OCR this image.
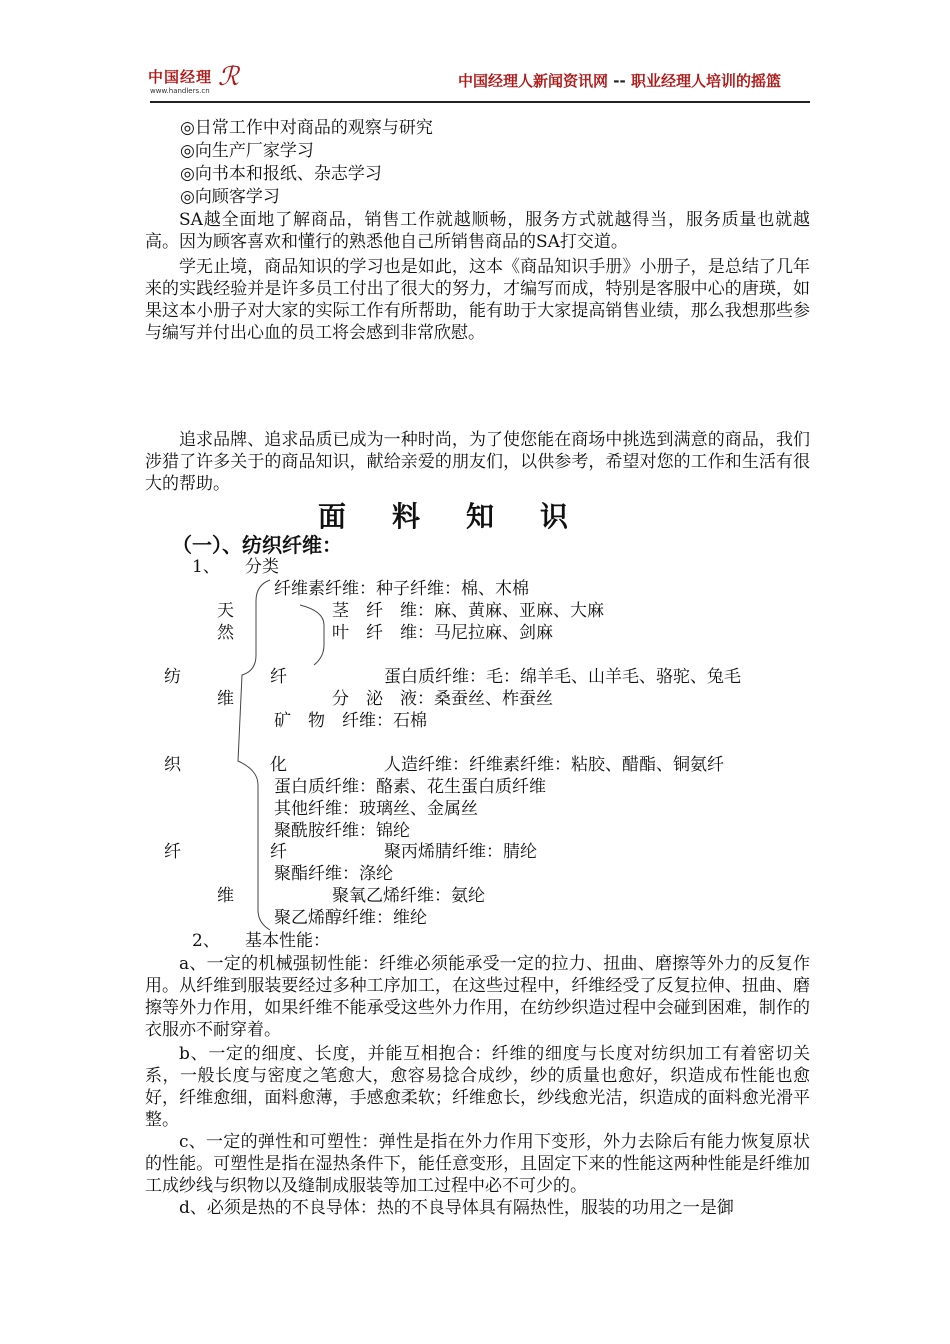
中国经理
www.handlers.cn ℛ	中国经理人新闻资讯网 -- 职业经理人培训的摇篮
◎日常工作中对商品的观察与研究
◎向生产厂家学习
◎向书本和报纸、杂志学习
◎向顾客学习
SA越全面地了解商品，销售工作就越顺畅，服务方式就越得当，服务质量也就越高。因为顾客喜欢和懂行的熟悉他自己所销售商品的SA打交道。
学无止境，商品知识的学习也是如此，这本《商品知识手册》小册子，是总结了几年来的实践经验并是许多员工付出了很大的努力，才编写而成，特别是客服中心的唐瑛，如果这本小册子对大家的实际工作有所帮助，能有助于大家提高销售业绩，那么我想那些参与编写并付出心血的员工将会感到非常欣慰。
追求品牌、追求品质已成为一种时尚，为了使您能在商场中挑选到满意的商品，我们涉猎了许多关于的商品知识，献给亲爱的朋友们，以供参考，希望对您的工作和生活有很大的帮助。
面料知识
（一）、纺织纤维：
1、 分类
纺
织
纤
天
然
维
维
纤
化
纤
纤维素纤维：种子纤维：棉、木棉
茎　纤　维：麻、黄麻、亚麻、大麻
叶　纤　维：马尼拉麻、剑麻
蛋白质纤维：毛：绵羊毛、山羊毛、骆驼、兔毛
分　泌　液：桑蚕丝、柞蚕丝
矿　物　纤维：石棉
人造纤维：纤维素纤维：粘胶、醋酯、铜氨纤
蛋白质纤维：酪素、花生蛋白质纤维
其他纤维：玻璃丝、金属丝
聚酰胺纤维：锦纶
聚丙烯腈纤维：腈纶
聚酯纤维：涤纶
聚氧乙烯纤维：氨纶
聚乙烯醇纤维：维纶
2、 基本性能：
a、一定的机械强韧性能：纤维必须能承受一定的拉力、扭曲、磨擦等外力的反复作用。从纤维到服装要经过多种工序加工，在这些过程中，纤维经受了反复拉伸、扭曲、磨擦等外力作用，如果纤维不能承受这些外力作用，在纺纱织造过程中会碰到困难，制作的衣服亦不耐穿着。
b、一定的细度、长度，并能互相抱合：纤维的细度与长度对纺织加工有着密切关系，一般长度与密度之笔愈大，愈容易捻合成纱，纱的质量也愈好，织造成布性能也愈好，纤维愈细，面料愈薄，手感愈柔软；纤维愈长，纱线愈光洁，织造成的面料愈光滑平整。
c、一定的弹性和可塑性：弹性是指在外力作用下变形，外力去除后有能力恢复原状的性能。可塑性是指在湿热条件下，能任意变形，且固定下来的性能这两种性能是纤维加工成纱线与织物以及缝制成服装等加工过程中必不可少的。
d、必须是热的不良导体：热的不良导体具有隔热性，服装的功用之一是御
